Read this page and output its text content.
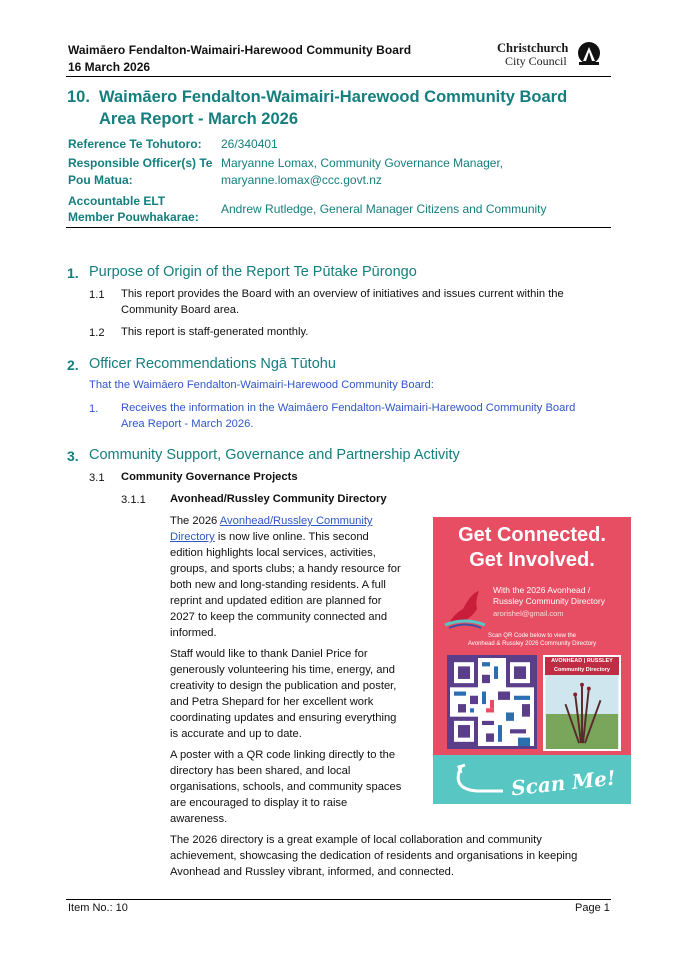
Waimāero Fendalton-Waimairi-Harewood Community Board
16 March 2026
Christchurch
City Council
10. Waimāero Fendalton-Waimairi-Harewood Community Board
Area Report - March 2026
Reference Te Tohutoro: 26/340401
Responsible Officer(s) Te
Pou Matua:
Maryanne Lomax, Community Governance Manager,
maryanne.lomax@ccc.govt.nz
Accountable ELT
Member Pouwhakarae:
Andrew Rutledge, General Manager Citizens and Community
1. Purpose of Origin of the Report Te Pūtake Pūrongo
1.1 This report provides the Board with an overview of initiatives and issues current within the
Community Board area.
1.2 This report is staff-generated monthly.
2. Officer Recommendations Ngā Tūtohu
That the Waimāero Fendalton-Waimairi-Harewood Community Board:
1. Receives the information in the Waimāero Fendalton-Waimairi-Harewood Community Board
Area Report - March 2026.
3. Community Support, Governance and Partnership Activity
3.1 Community Governance Projects
3.1.1 Avonhead/Russley Community Directory
The 2026 Avonhead/Russley Community
Directory is now live online. This second
edition highlights local services, activities,
groups, and sports clubs; a handy resource for
both new and long-standing residents. A full
reprint and updated edition are planned for
2027 to keep the community connected and
informed.
Staff would like to thank Daniel Price for
generously volunteering his time, energy, and
creativity to design the publication and poster,
and Petra Shepard for her excellent work
coordinating updates and ensuring everything
is accurate and up to date.
A poster with a QR code linking directly to the
directory has been shared, and local
organisations, schools, and community spaces
are encouraged to display it to raise
awareness.
The 2026 directory is a great example of local collaboration and community
achievement, showcasing the dedication of residents and organisations in keeping
Avonhead and Russley vibrant, informed, and connected.
Get Connected.
Get Involved.
With the 2026 Avonhead /
Russley Community Directory
arorishel@gmail.com
Scan QR Code below to view the
Avonhead & Russley 2026 Community Directory
AVONHEAD | RUSSLEY
Community Directory
Scan Me!
Item No.: 10	Page 1
